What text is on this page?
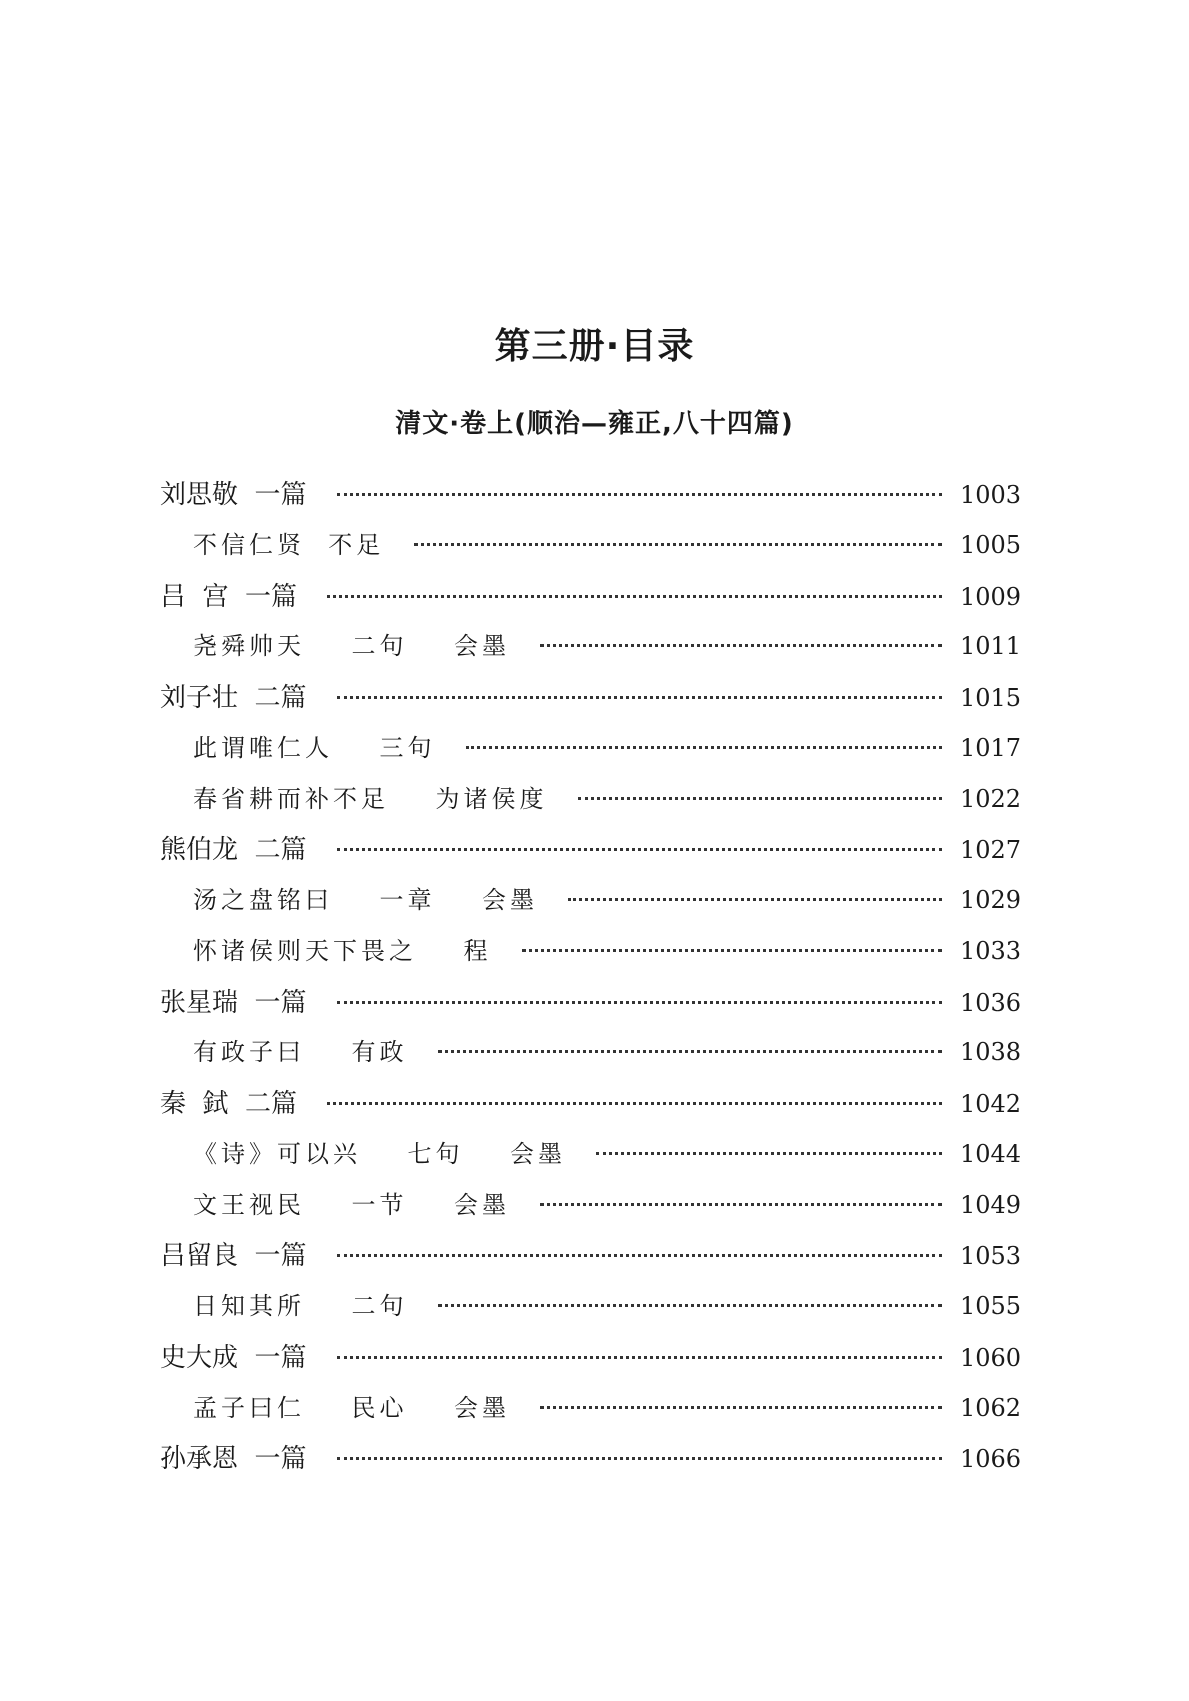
第三册·目录
清文·卷上(顺治—雍正,八十四篇)
刘思敬  一篇	1003
不信仁贤  不足	1005
吕  宫  一篇	1009
尧舜帅天    二句    会墨	1011
刘子壮  二篇	1015
此谓唯仁人    三句	1017
春省耕而补不足    为诸侯度	1022
熊伯龙  二篇	1027
汤之盘铭曰    一章    会墨	1029
怀诸侯则天下畏之    程	1033
张星瑞  一篇	1036
有政子曰    有政	1038
秦  鉽  二篇	1042
《诗》可以兴    七句    会墨	1044
文王视民    一节    会墨	1049
吕留良  一篇	1053
日知其所    二句	1055
史大成  一篇	1060
孟子曰仁    民心    会墨	1062
孙承恩  一篇	1066
